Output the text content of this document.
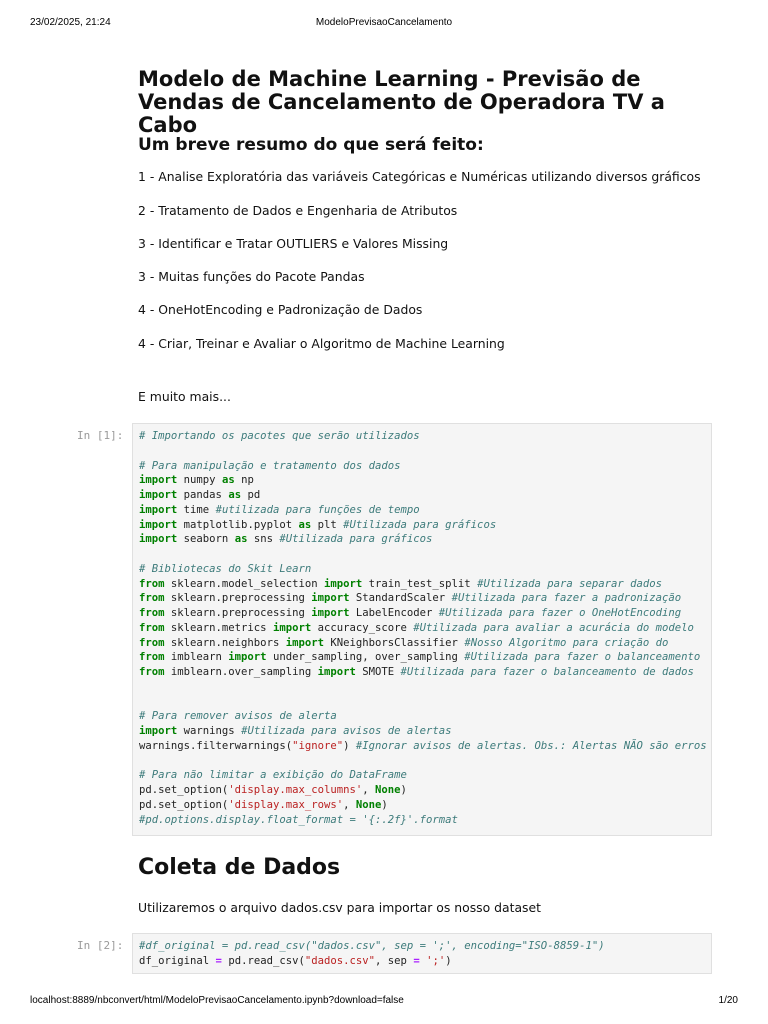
23/02/2025, 21:24	ModeloPrevisaoCancelamento
Modelo de Machine Learning - Previsão de Vendas de Cancelamento de Operadora TV a Cabo
Um breve resumo do que será feito:
1 - Analise Exploratória das variáveis Categóricas e Numéricas utilizando diversos gráficos
2 - Tratamento de Dados e Engenharia de Atributos
3 - Identificar e Tratar OUTLIERS e Valores Missing
3 - Muitas funções do Pacote Pandas
4 - OneHotEncoding e Padronização de Dados
4 - Criar, Treinar e Avaliar o Algoritmo de Machine Learning
E muito mais...
In [1]:	# Importando os pacotes que serão utilizados

# Para manipulação e tratamento dos dados
import numpy as np
import pandas as pd
import time #utilizada para funções de tempo
import matplotlib.pyplot as plt #Utilizada para gráficos
import seaborn as sns #Utilizada para gráficos

# Bibliotecas do Skit Learn
from sklearn.model_selection import train_test_split #Utilizada para separar dados
from sklearn.preprocessing import StandardScaler #Utilizada para fazer a padronização
from sklearn.preprocessing import LabelEncoder #Utilizada para fazer o OneHotEncoding
from sklearn.metrics import accuracy_score #Utilizada para avaliar a acurácia do modelo
from sklearn.neighbors import KNeighborsClassifier #Nosso Algoritmo para criação do
from imblearn import under_sampling, over_sampling #Utilizada para fazer o balanceamento
from imblearn.over_sampling import SMOTE #Utilizada para fazer o balanceamento de dados

# Para remover avisos de alerta
import warnings #Utilizada para avisos de alertas
warnings.filterwarnings("ignore") #Ignorar avisos de alertas. Obs.: Alertas NÃO são erros

# Para não limitar a exibição do DataFrame
pd.set_option('display.max_columns', None)
pd.set_option('display.max_rows', None)
#pd.options.display.float_format = '{:.2f}'.format
Coleta de Dados
Utilizaremos o arquivo dados.csv para importar os nosso dataset
In [2]:	#df_original = pd.read_csv("dados.csv", sep = ';', encoding="ISO-8859-1")
df_original = pd.read_csv("dados.csv", sep = ';')
localhost:8889/nbconvert/html/ModeloPrevisaoCancelamento.ipynb?download=false	1/20
